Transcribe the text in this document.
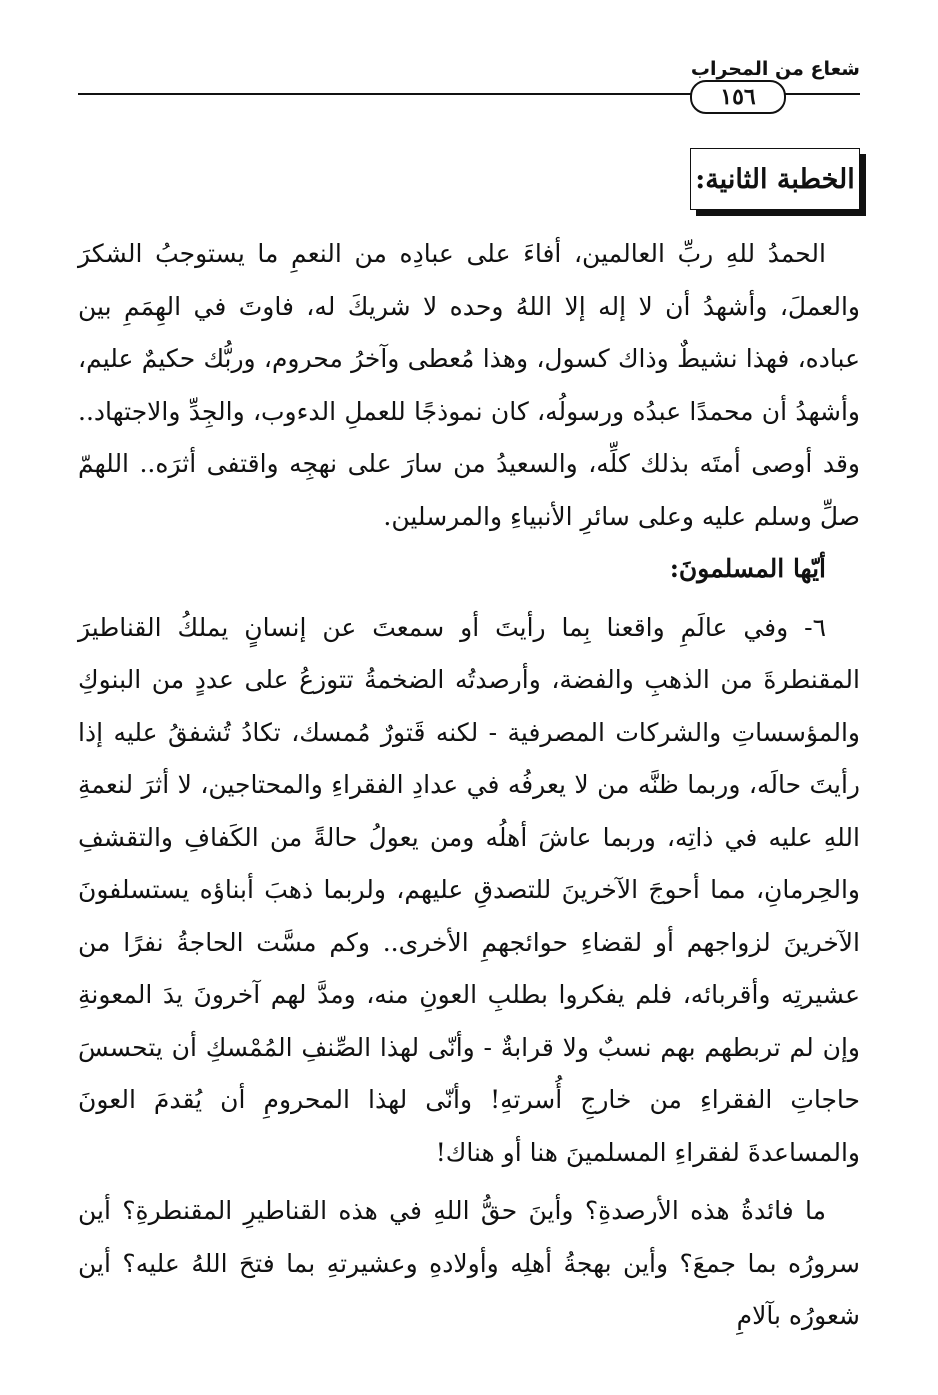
شعاع من المحراب
١٥٦
الخطبة الثانية:

الحمدُ للهِ ربِّ العالمين، أفاءَ على عبادِه من النعمِ ما يستوجبُ الشكرَ والعملَ، وأشهدُ أن لا إله إلا اللهُ وحده لا شريكَ له، فاوتَ في الهِمَمِ بين عباده، فهذا نشيطٌ وذاك كسول، وهذا مُعطى وآخرُ محروم، وربُّك حكيمٌ عليم، وأشهدُ أن محمدًا عبدُه ورسولُه، كان نموذجًا للعملِ الدءوب، والجِدِّ والاجتهاد.. وقد أوصى أمتَه بذلك كلِّه، والسعيدُ من سارَ على نهجِه واقتفى أثرَه.. اللهمّ صلِّ وسلم عليه وعلى سائرِ الأنبياءِ والمرسلين.

أيّها المسلمونَ:

٦- وفي عالَمِ واقعنا بِما رأيتَ أو سمعتَ عن إنسانٍ يملكُ القناطيرَ المقنطرةَ من الذهبِ والفضة، وأرصدتُه الضخمةُ تتوزعُ على عددٍ من البنوكِ والمؤسساتِ والشركات المصرفية - لكنه قَتورٌ مُمسك، تكادُ تُشفقُ عليه إذا رأيتَ حالَه، وربما ظنَّه من لا يعرفُه في عدادِ الفقراءِ والمحتاجين، لا أثرَ لنعمةِ اللهِ عليه في ذاتِه، وربما عاشَ أهلُه ومن يعولُ حالةً من الكَفافِ والتقشفِ والحِرمانِ، مما أحوجَ الآخرينَ للتصدقِ عليهم، ولربما ذهبَ أبناؤه يستسلفونَ الآخرينَ لزواجهم أو لقضاءِ حوائجهمِ الأخرى.. وكم مسَّت الحاجةُ نفرًا من عشيرتِه وأقربائه، فلم يفكروا بطلبِ العونِ منه، ومدَّ لهم آخرونَ يدَ المعونةِ وإن لم تربطهم بهم نسبٌ ولا قرابةٌ - وأنّى لهذا الصِّنفِ المُمْسكِ أن يتحسسَ حاجاتِ الفقراءِ من خارجِ أُسرتهِ! وأنّى لهذا المحرومِ أن يُقدمَ العونَ والمساعدةَ لفقراءِ المسلمينَ هنا أو هناك!

ما فائدةُ هذه الأرصدةِ؟ وأينَ حقُّ اللهِ في هذه القناطيرِ المقنطرةِ؟ أين سرورُه بما جمعَ؟ وأين بهجةُ أهلِه وأولادهِ وعشيرتهِ بما فتحَ اللهُ عليه؟ أين شعورُه بآلامِ
